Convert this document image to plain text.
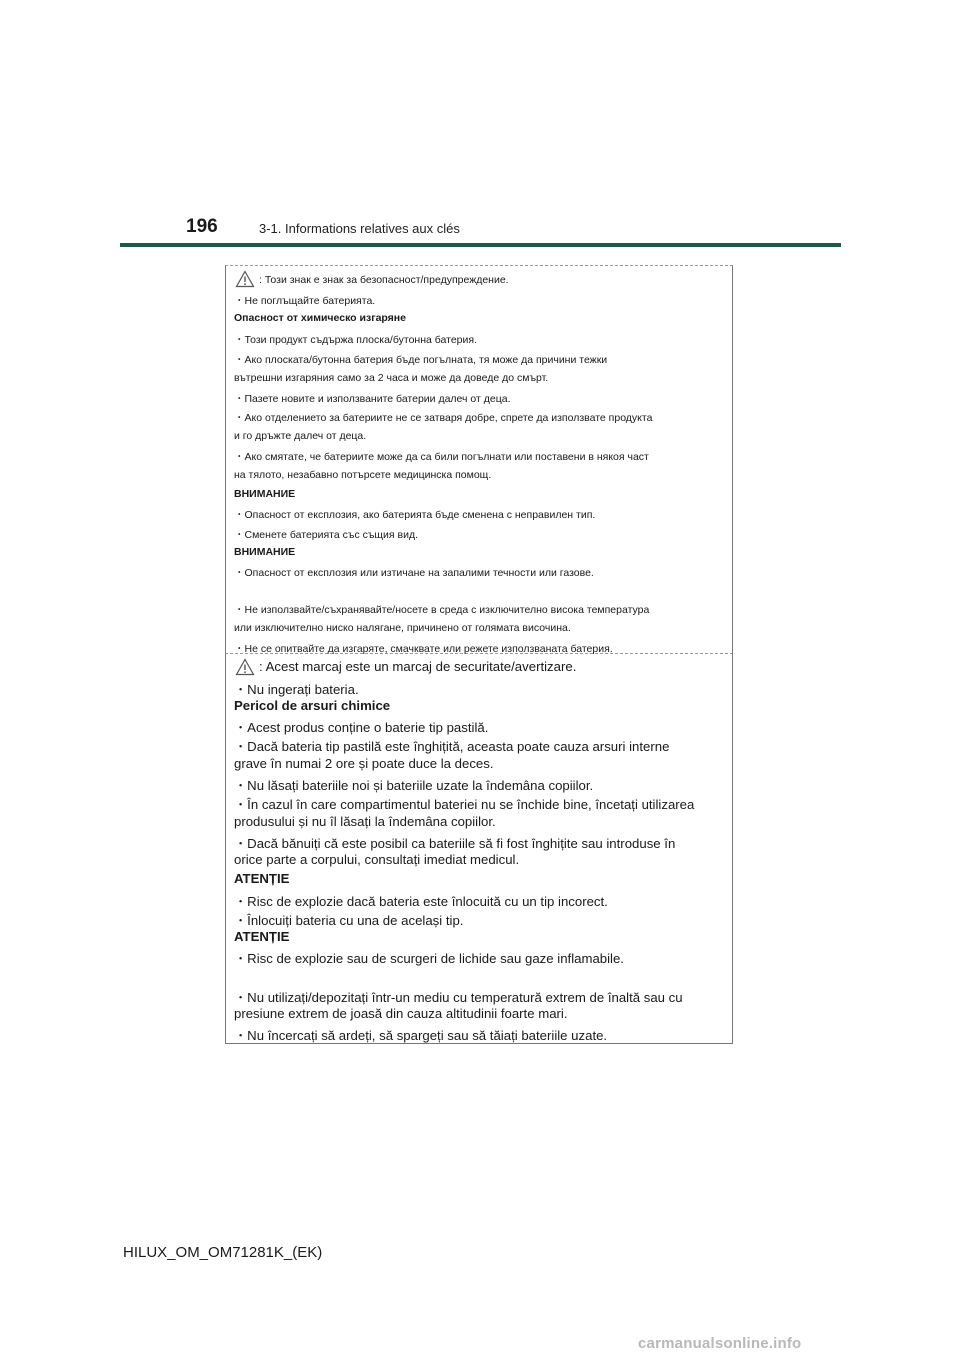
196	3-1. Informations relatives aux clés
: Този знак е знак за безопасност/предупреждение.
・Не поглъщайте батерията.
Опасност от химическо изгаряне
・Този продукт съдържа плоска/бутонна батерия.
・Ако плоската/бутонна батерия бъде погълната, тя може да причини тежки
вътрешни изгаряния само за 2 часа и може да доведе до смърт.
・Пазете новите и използваните батерии далеч от деца.
・Ако отделението за батериите не се затваря добре, спрете да използвате продукта
и го дръжте далеч от деца.
・Ако смятате, че батериите може да са били погълнати или поставени в някоя част
на тялото, незабавно потърсете медицинска помощ.
ВНИМАНИЕ
・Опасност от експлозия, ако батерията бъде сменена с неправилен тип.
・Сменете батерията със същия вид.
ВНИМАНИЕ
・Опасност от експлозия или изтичане на запалими течности или газове.
・Не използвайте/съхранявайте/носете в среда с изключително висока температура
или изключително ниско налягане, причинено от голямата височина.
・Не се опитвайте да изгаряте, смачквате или режете използваната батерия.
: Acest marcaj este un marcaj de securitate/avertizare.
・Nu ingerați bateria.
Pericol de arsuri chimice
・Acest produs conține o baterie tip pastilă.
・Dacă bateria tip pastilă este înghițită, aceasta poate cauza arsuri interne
grave în numai 2 ore și poate duce la deces.
・Nu lăsați bateriile noi și bateriile uzate la îndemâna copiilor.
・În cazul în care compartimentul bateriei nu se închide bine, încetați utilizarea
produsului și nu îl lăsați la îndemâna copiilor.
・Dacă bănuiți că este posibil ca bateriile să fi fost înghițite sau introduse în
orice parte a corpului, consultați imediat medicul.
ATENȚIE
・Risc de explozie dacă bateria este înlocuită cu un tip incorect.
・Înlocuiți bateria cu una de același tip.
ATENȚIE
・Risc de explozie sau de scurgeri de lichide sau gaze inflamabile.
・Nu utilizați/depozitați într-un mediu cu temperatură extrem de înaltă sau cu
presiune extrem de joasă din cauza altitudinii foarte mari.
・Nu încercați să ardeți, să spargeți sau să tăiați bateriile uzate.
HILUX_OM_OM71281K_(EK)
carmanualsonline.info
